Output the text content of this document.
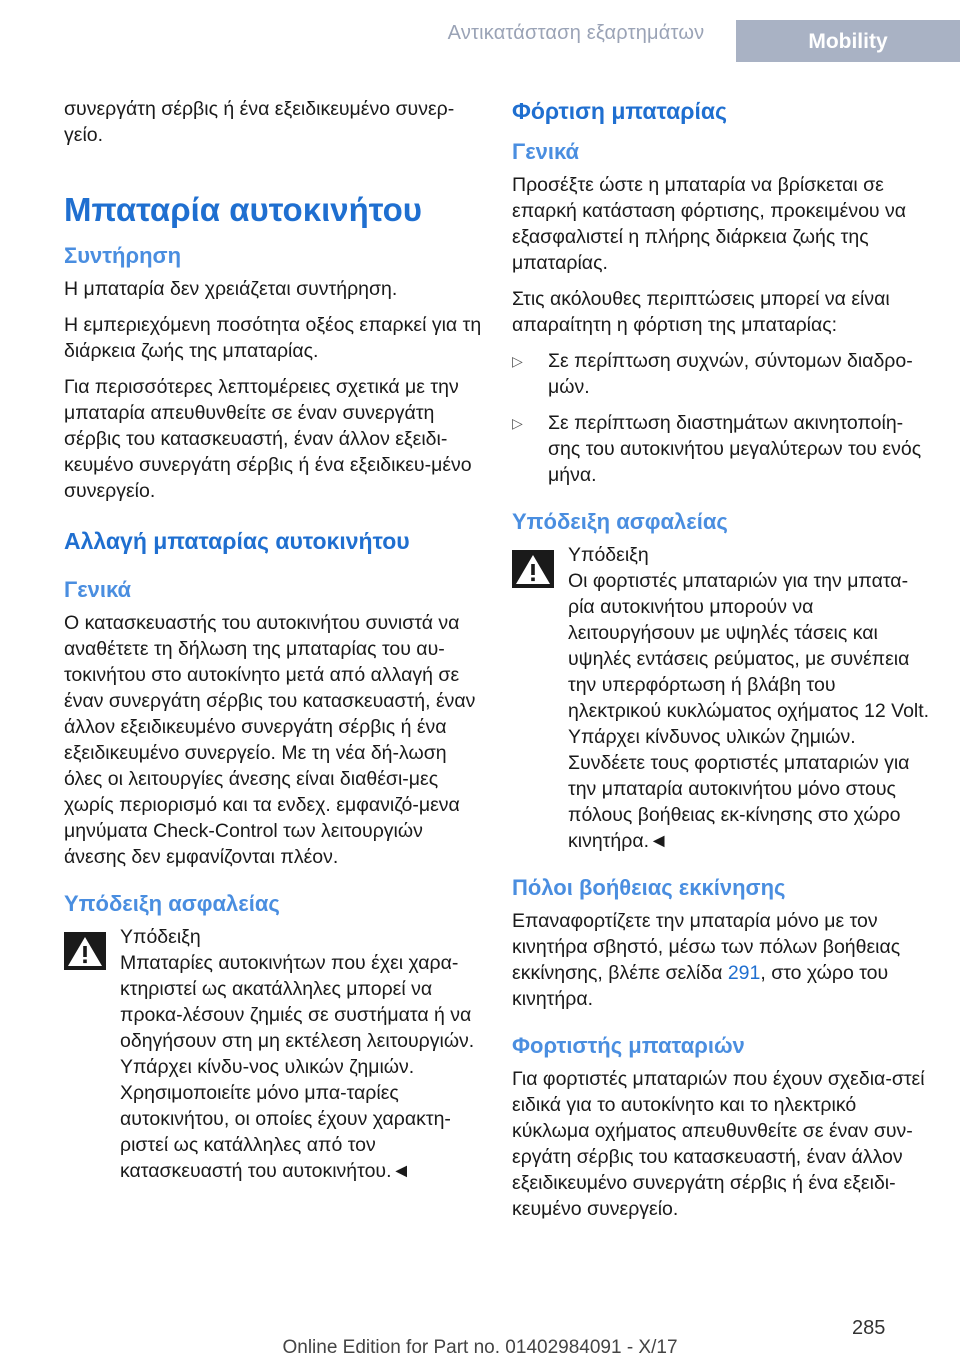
Αντικατάσταση εξαρτημάτων	Mobility

συνεργάτη σέρβις ή ένα εξειδικευμένο συνερ‐γείο.

Μπαταρία αυτοκινήτου
Συντήρηση

Η μπαταρία δεν χρειάζεται συντήρηση.

Η εμπεριεχόμενη ποσότητα οξέος επαρκεί για τη διάρκεια ζωής της μπαταρίας.

Για περισσότερες λεπτομέρειες σχετικά με την μπαταρία απευθυνθείτε σε έναν συνεργάτη σέρβις του κατασκευαστή, έναν άλλον εξειδι‐κευμένο συνεργάτη σέρβις ή ένα εξειδικευ‐μένο συνεργείο.

Αλλαγή μπαταρίας αυτοκινήτου
Γενικά

Ο κατασκευαστής του αυτοκινήτου συνιστά να αναθέτετε τη δήλωση της μπαταρίας του αυ‐τοκινήτου στο αυτοκίνητο μετά από αλλαγή σε έναν συνεργάτη σέρβις του κατασκευαστή, έναν άλλον εξειδικευμένο συνεργάτη σέρβις ή ένα εξειδικευμένο συνεργείο. Με τη νέα δή‐λωση όλες οι λειτουργίες άνεσης είναι διαθέσι‐μες χωρίς περιορισμό και τα ενδεχ. εμφανιζό‐μενα μηνύματα Check-Control των λειτουργιών άνεσης δεν εμφανίζονται πλέον.

Υπόδειξη ασφαλείας
Υπόδειξη
Μπαταρίες αυτοκινήτων που έχει χαρα‐κτηριστεί ως ακατάλληλες μπορεί να προκα‐λέσουν ζημιές σε συστήματα ή να οδηγήσουν στη μη εκτέλεση λειτουργιών. Υπάρχει κίνδυ‐νος υλικών ζημιών. Χρησιμοποιείτε μόνο μπα‐ταρίες αυτοκινήτου, οι οποίες έχουν χαρακτη‐ριστεί ως κατάλληλες από τον κατασκευαστή του αυτοκινήτου.◄
Φόρτιση μπαταρίας
Γενικά

Προσέξτε ώστε η μπαταρία να βρίσκεται σε επαρκή κατάσταση φόρτισης, προκειμένου να εξασφαλιστεί η πλήρης διάρκεια ζωής της μπαταρίας.

Στις ακόλουθες περιπτώσεις μπορεί να είναι απαραίτητη η φόρτιση της μπαταρίας:

▷ Σε περίπτωση συχνών, σύντομων διαδρο‐μών.
▷ Σε περίπτωση διαστημάτων ακινητοποίη‐σης του αυτοκινήτου μεγαλύτερων του ενός μήνα.
Υπόδειξη ασφαλείας
Υπόδειξη
Οι φορτιστές μπαταριών για την μπατα‐ρία αυτοκινήτου μπορούν να λειτουργήσουν με υψηλές τάσεις και υψηλές εντάσεις ρεύματος, με συνέπεια την υπερφόρτωση ή βλάβη του ηλεκτρικού κυκλώματος οχήματος 12 Volt. Υπάρχει κίνδυνος υλικών ζημιών. Συνδέετε τους φορτιστές μπαταριών για την μπαταρία αυτοκινήτου μόνο στους πόλους βοήθειας εκ‐κίνησης στο χώρο κινητήρα.◄
Πόλοι βοήθειας εκκίνησης

Επαναφορτίζετε την μπαταρία μόνο με τον κινητήρα σβηστό, μέσω των πόλων βοήθειας εκκίνησης, βλέπε σελίδα 291, στο χώρο του κινητήρα.

Φορτιστής μπαταριών

Για φορτιστές μπαταριών που έχουν σχεδια‐στεί ειδικά για το αυτοκίνητο και το ηλεκτρικό κύκλωμα οχήματος απευθυνθείτε σε έναν συν‐εργάτη σέρβις του κατασκευαστή, έναν άλλον εξειδικευμένο συνεργάτη σέρβις ή ένα εξειδι‐κευμένο συνεργείο.

285
Online Edition for Part no. 01402984091 - X/17
